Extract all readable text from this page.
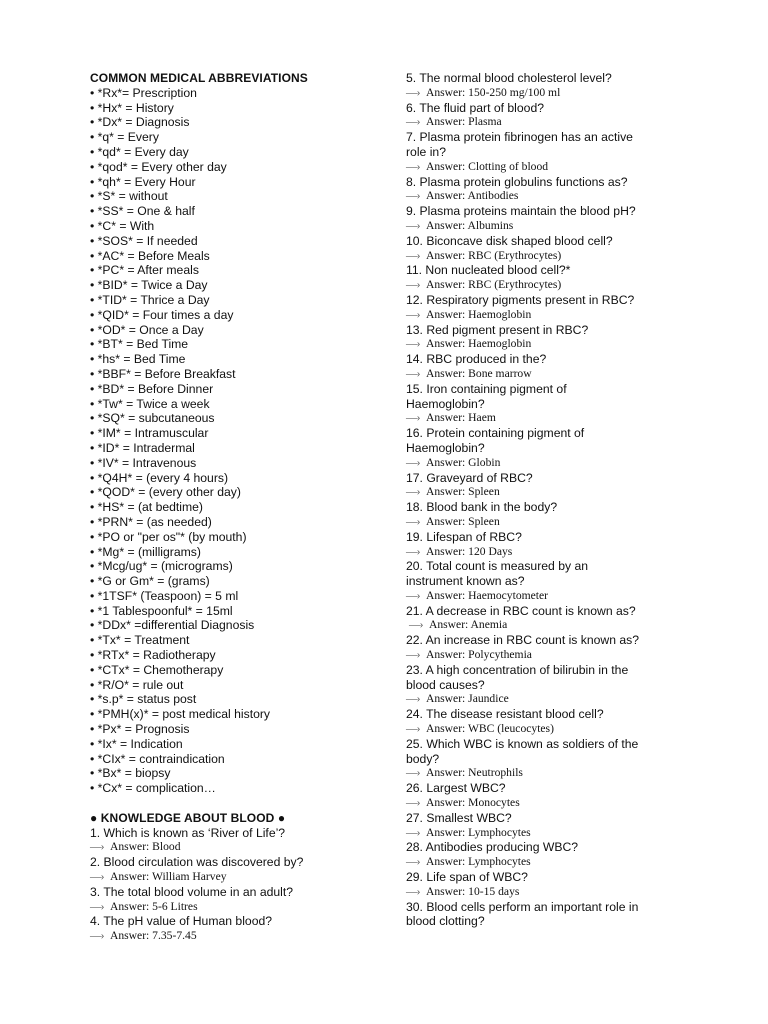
COMMON MEDICAL ABBREVIATIONS
• *Rx*= Prescription
• *Hx* = History
• *Dx* = Diagnosis
• *q* = Every
• *qd* = Every day
• *qod* = Every other day
• *qh* = Every Hour
• *S* = without
• *SS* = One & half
• *C* = With
• *SOS* = If needed
• *AC* = Before Meals
• *PC* = After meals
• *BID* = Twice a Day
• *TID* = Thrice a Day
• *QID* = Four times a day
• *OD* = Once a Day
• *BT* = Bed Time
• *hs* = Bed Time
• *BBF* = Before Breakfast
• *BD* = Before Dinner
• *Tw* = Twice a week
• *SQ* = subcutaneous
• *IM* = Intramuscular
• *ID* = Intradermal
• *IV* = Intravenous
• *Q4H* = (every 4 hours)
• *QOD* = (every other day)
• *HS* = (at bedtime)
• *PRN* = (as needed)
• *PO or "per os"* (by mouth)
• *Mg* = (milligrams)
• *Mcg/ug* = (micrograms)
• *G or Gm* = (grams)
• *1TSF* (Teaspoon) = 5 ml
• *1 Tablespoonful* = 15ml
• *DDx* =differential Diagnosis
• *Tx* = Treatment
• *RTx* = Radiotherapy
• *CTx* = Chemotherapy
• *R/O* = rule out
• *s.p* = status post
• *PMH(x)* = post medical history
• *Px* = Prognosis
• *Ix* = Indication
• *CIx* = contraindication
• *Bx* = biopsy
• *Cx* = complication…
● KNOWLEDGE ABOUT BLOOD ●
1. Which is known as ‘River of Life’?
—› Answer: Blood
2. Blood circulation was discovered by?
—› Answer: William Harvey
3. The total blood volume in an adult?
—› Answer: 5-6 Litres
4. The pH value of Human blood?
—› Answer: 7.35-7.45
5. The normal blood cholesterol level?
—› Answer: 150-250 mg/100 ml
6. The fluid part of blood?
—› Answer: Plasma
7. Plasma protein fibrinogen has an active
role in?
—› Answer: Clotting of blood
8. Plasma protein globulins functions as?
—› Answer: Antibodies
9. Plasma proteins maintain the blood pH?
—› Answer: Albumins
10. Biconcave disk shaped blood cell?
—› Answer: RBC (Erythrocytes)
11. Non nucleated blood cell?*
—› Answer: RBC (Erythrocytes)
12. Respiratory pigments present in RBC?
—› Answer: Haemoglobin
13. Red pigment present in RBC?
—› Answer: Haemoglobin
14. RBC produced in the?
—› Answer: Bone marrow
15. Iron containing pigment of
Haemoglobin?
—› Answer: Haem
16. Protein containing pigment of
Haemoglobin?
—› Answer: Globin
17. Graveyard of RBC?
—› Answer: Spleen
18. Blood bank in the body?
—› Answer: Spleen
19. Lifespan of RBC?
—› Answer: 120 Days
20. Total count is measured by an
instrument known as?
—› Answer: Haemocytometer
21. A decrease in RBC count is known as?
—› Answer: Anemia
22. An increase in RBC count is known as?
—› Answer: Polycythemia
23. A high concentration of bilirubin in the
blood causes?
—› Answer: Jaundice
24. The disease resistant blood cell?
—› Answer: WBC (leucocytes)
25. Which WBC is known as soldiers of the
body?
—› Answer: Neutrophils
26. Largest WBC?
—› Answer: Monocytes
27. Smallest WBC?
—› Answer: Lymphocytes
28. Antibodies producing WBC?
—› Answer: Lymphocytes
29. Life span of WBC?
—› Answer: 10-15 days
30. Blood cells perform an important role in
blood clotting?
